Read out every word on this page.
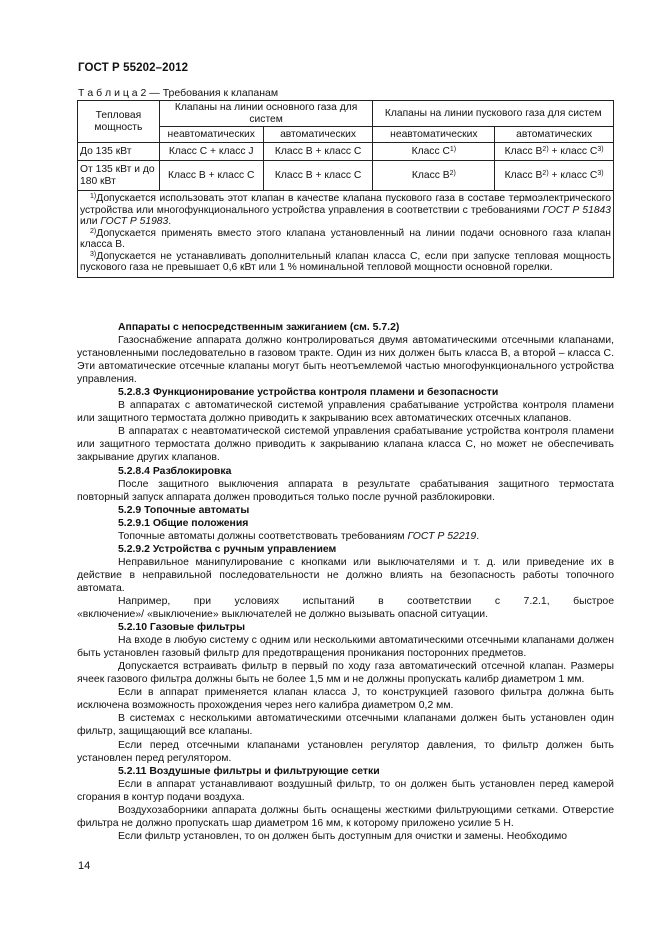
ГОСТ Р 55202–2012
Т а б л и ц а 2 — Требования к клапанам
Тепловая мощность	Клапаны на линии основного газа для систем		Клапаны на линии пускового газа для систем	
	неавтоматических	автоматических	неавтоматических	автоматических
До 135 кВт	Класс C + класс J	Класс B + класс C	Класс $C^{1)}$	Класс $B^{2)}$ + класс $C^{3)}$
От 135 кВт и до 180 кВт	Класс B + класс C	Класс B + класс C	Класс $B^{2)}$	Класс $B^{2)}$ + класс $C^{3)}$

$^{1)}$Допускается использовать этот клапан в качестве клапана пускового газа в составе термоэлектрического устройства или многофункционального устройства управления в соответствии с требованиями ГОСТ Р 51843 или ГОСТ Р 51983.

$^{2)}$Допускается применять вместо этого клапана установленный на линии подачи основного газа клапан класса B.

$^{3)}$Допускается не устанавливать дополнительный клапан класса C, если при запуске тепловая мощность пускового газа не превышает 0,6 кВт или 1 % номинальной тепловой мощности основной горелки.				

Аппараты с непосредственным зажиганием (см. 5.7.2)

Газоснабжение аппарата должно контролироваться двумя автоматическими отсечными клапанами, установленными последовательно в газовом тракте. Один из них должен быть класса B, а второй – класса C. Эти автоматические отсечные клапаны могут быть неотъемлемой частью многофункционального устройства управления.

5.2.8.3 Функционирование устройства контроля пламени и безопасности

В аппаратах с автоматической системой управления срабатывание устройства контроля пламени или защитного термостата должно приводить к закрыванию всех автоматических отсечных клапанов.

В аппаратах с неавтоматической системой управления срабатывание устройства контроля пламени или защитного термостата должно приводить к закрыванию клапана класса C, но может не обеспечивать закрывание других клапанов.

5.2.8.4 Разблокировка

После защитного выключения аппарата в результате срабатывания защитного термостата повторный запуск аппарата должен проводиться только после ручной разблокировки.

5.2.9 Топочные автоматы

5.2.9.1 Общие положения

Топочные автоматы должны соответствовать требованиям ГОСТ Р 52219.

5.2.9.2 Устройства с ручным управлением

Неправильное манипулирование с кнопками или выключателями и т. д. или приведение их в действие в неправильной последовательности не должно влиять на безопасность работы топочного автомата.

Например, при условиях испытаний в соответствии с 7.2.1, быстрое

«включение»/ «выключение» выключателей не должно вызывать опасной ситуации.

5.2.10 Газовые фильтры

На входе в любую систему с одним или несколькими автоматическими отсечными клапанами должен быть установлен газовый фильтр для предотвращения проникания посторонних предметов.

Допускается встраивать фильтр в первый по ходу газа автоматический отсечной клапан. Размеры ячеек газового фильтра должны быть не более 1,5 мм и не должны пропускать калибр диаметром 1 мм.

Если в аппарат применяется клапан класса J, то конструкцией газового фильтра должна быть исключена возможность прохождения через него калибра диаметром 0,2 мм.

В системах с несколькими автоматическими отсечными клапанами должен быть установлен один фильтр, защищающий все клапаны.

Если перед отсечными клапанами установлен регулятор давления, то фильтр должен быть установлен перед регулятором.

5.2.11 Воздушные фильтры и фильтрующие сетки

Если в аппарат устанавливают воздушный фильтр, то он должен быть установлен перед камерой сгорания в контур подачи воздуха.

Воздухозаборники аппарата должны быть оснащены жесткими фильтрующими сетками. Отверстие фильтра не должно пропускать шар диаметром 16 мм, к которому приложено усилие 5 Н.

Если фильтр установлен, то он должен быть доступным для очистки и замены. Необходимо

14
